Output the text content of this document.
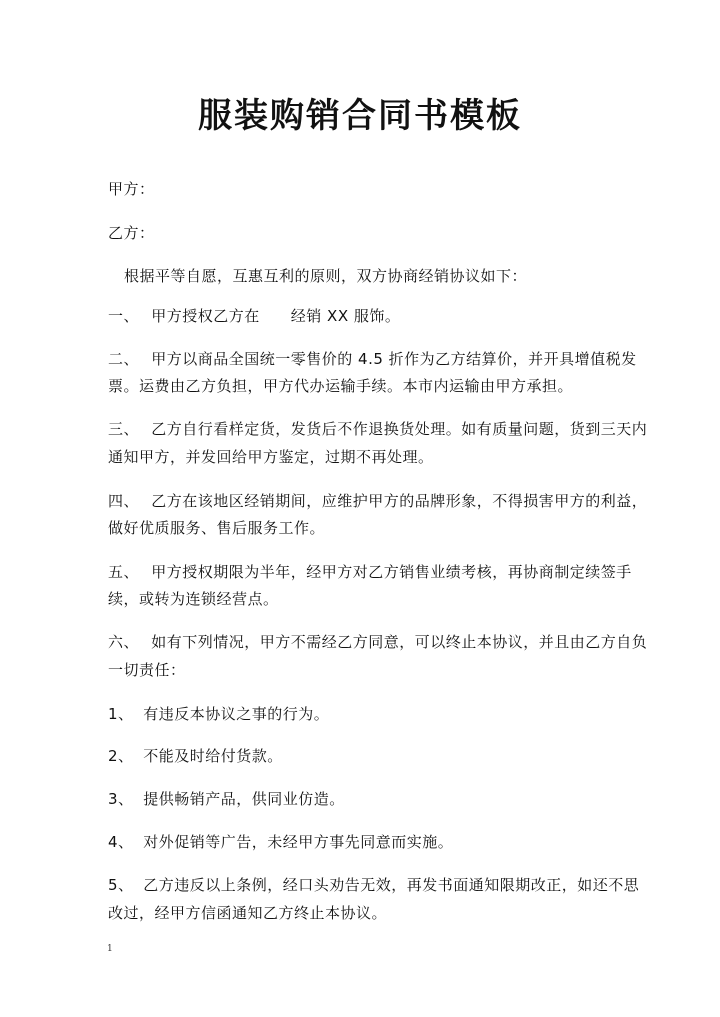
服装购销合同书模板
甲方：
乙方：
根据平等自愿，互惠互利的原则，双方协商经销协议如下：
一、 甲方授权乙方在　　经销 XX 服饰。
二、 甲方以商品全国统一零售价的 4.5 折作为乙方结算价，并开具增值税发
票。运费由乙方负担，甲方代办运输手续。本市内运输由甲方承担。
三、 乙方自行看样定货，发货后不作退换货处理。如有质量问题，货到三天内
通知甲方，并发回给甲方鉴定，过期不再处理。
四、 乙方在该地区经销期间，应维护甲方的品牌形象，不得损害甲方的利益，
做好优质服务、售后服务工作。
五、 甲方授权期限为半年，经甲方对乙方销售业绩考核，再协商制定续签手
续，或转为连锁经营点。
六、 如有下列情况，甲方不需经乙方同意，可以终止本协议，并且由乙方自负
一切责任：
1、 有违反本协议之事的行为。
2、 不能及时给付货款。
3、 提供畅销产品，供同业仿造。
4、 对外促销等广告，未经甲方事先同意而实施。
5、 乙方违反以上条例，经口头劝告无效，再发书面通知限期改正，如还不思
改过，经甲方信函通知乙方终止本协议。
1
